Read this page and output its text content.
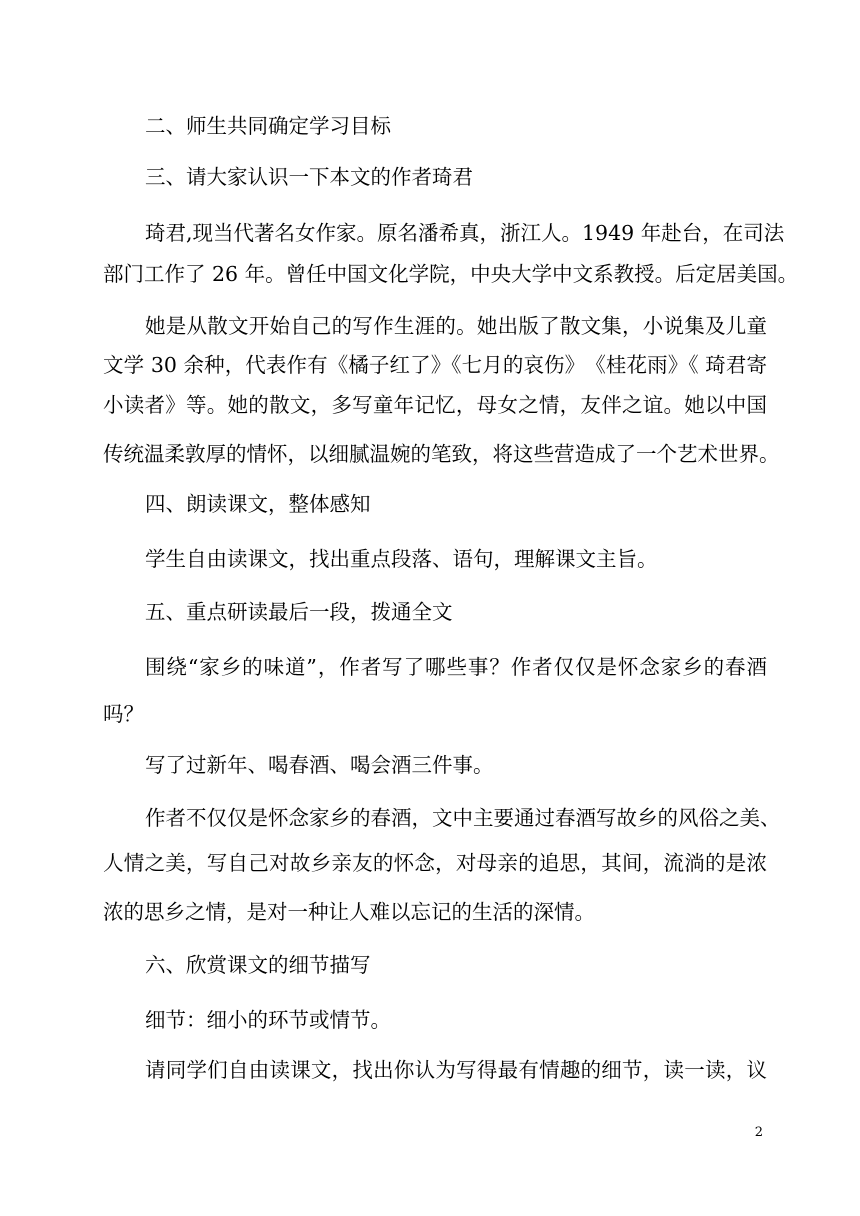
二、师生共同确定学习目标

三、请大家认识一下本文的作者琦君

琦君,现当代著名女作家。原名潘希真，浙江人。1949 年赴台，在司法

部门工作了 26 年。曾任中国文化学院，中央大学中文系教授。后定居美国。

她是从散文开始自己的写作生涯的。她出版了散文集，小说集及儿童

文学 30 余种，代表作有《橘子红了》《七月的哀伤》　《桂花雨》《 琦君寄

小读者》等。她的散文，多写童年记忆，母女之情，友伴之谊。她以中国

传统温柔敦厚的情怀，以细腻温婉的笔致，将这些营造成了一个艺术世界。

四、朗读课文，整体感知

学生自由读课文，找出重点段落、语句，理解课文主旨。

五、重点研读最后一段，拨通全文

围绕“家乡的味道”，作者写了哪些事？作者仅仅是怀念家乡的春酒

吗？

写了过新年、喝春酒、喝会酒三件事。

作者不仅仅是怀念家乡的春酒，文中主要通过春酒写故乡的风俗之美、

人情之美，写自己对故乡亲友的怀念，对母亲的追思，其间，流淌的是浓

浓的思乡之情，是对一种让人难以忘记的生活的深情。

六、欣赏课文的细节描写

细节：细小的环节或情节。

请同学们自由读课文，找出你认为写得最有情趣的细节，读一读，议

2
